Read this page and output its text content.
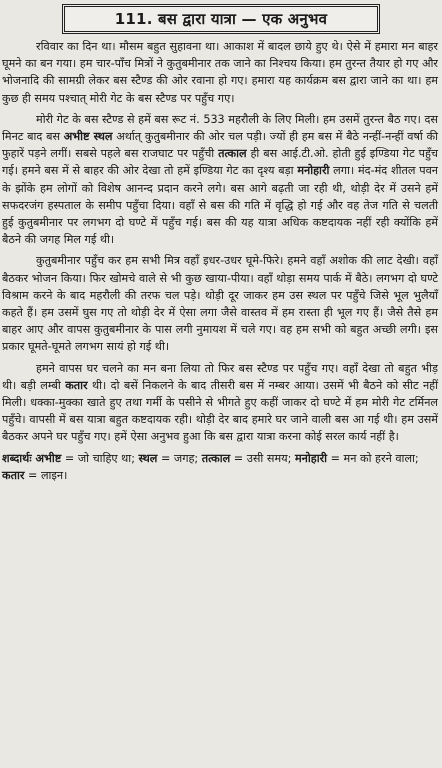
111. बस द्वारा यात्रा — एक अनुभव

रविवार का दिन था। मौसम बहुत सुहावना था। आकाश में बादल छाये हुए थे। ऐसे में हमारा मन बाहर घूमने का बन गया। हम चार-पाँच मित्रों ने कुतुबमीनार तक जाने का निश्चय किया। हम तुरन्त तैयार हो गए और भोजनादि की सामग्री लेकर बस स्टैण्ड की ओर रवाना हो गए। हमारा यह कार्यक्रम बस द्वारा जाने का था। हम कुछ ही समय पश्चात् मोरी गेट के बस स्टैण्ड पर पहुँच गए।

मोरी गेट के बस स्टैण्ड से हमें बस रूट नं. 533 महरौली के लिए मिली। हम उसमें तुरन्त बैठ गए। दस मिनट बाद बस अभीष्ट स्थल अर्थात् कुतुबमीनार की ओर चल पड़ी। ज्यों ही हम बस में बैठे नन्हीं-नन्हीं वर्षा की फुहारें पड़ने लगीं। सबसे पहले बस राजघाट पर पहुँची तत्काल ही बस आई.टी.ओ. होती हुई इण्डिया गेट पहुँच गई। हमने बस में से बाहर की ओर देखा तो हमें इण्डिया गेट का दृश्य बड़ा मनोहारी लगा। मंद-मंद शीतल पवन के झोंके हम लोगों को विशेष आनन्द प्रदान करने लगे। बस आगे बढ़ती जा रही थी, थोड़ी देर में उसने हमें सफदरजंग हस्पताल के समीप पहुँचा दिया। वहाँ से बस की गति में वृद्धि हो गई और वह तेज गति से चलती हुई कुतुबमीनार पर लगभग दो घण्टे में पहुँच गई। बस की यह यात्रा अधिक कष्टदायक नहीं रही क्योंकि हमें बैठने की जगह मिल गई थी।

कुतुबमीनार पहुँच कर हम सभी मित्र वहाँ इधर-उधर घूमे-फिरे। हमने वहाँ अशोक की लाट देखी। वहाँ बैठकर भोजन किया। फिर खोमचे वाले से भी कुछ खाया-पीया। वहाँ थोड़ा समय पार्क में बैठे। लगभग दो घण्टे विश्राम करने के बाद महरौली की तरफ चल पड़े। थोड़ी दूर जाकर हम उस स्थल पर पहुँचे जिसे भूल भुलैयाँ कहते हैं। हम उसमें घुस गए तो थोड़ी देर में ऐसा लगा जैसे वास्तव में हम रास्ता ही भूल गए हैं। जैसे तैसे हम बाहर आए और वापस कुतुबमीनार के पास लगी नुमायश में चले गए। वह हम सभी को बहुत अच्छी लगी। इस प्रकार घूमते-घूमते लगभग सायं हो गई थी।

हमने वापस घर चलने का मन बना लिया तो फिर बस स्टैण्ड पर पहुँच गए। वहाँ देखा तो बहुत भीड़ थी। बड़ी लम्बी कतार थी। दो बसें निकलने के बाद तीसरी बस में नम्बर आया। उसमें भी बैठने को सीट नहीं मिली। धक्का-मुक्का खाते हुए तथा गर्मी के पसीने से भीगते हुए कहीं जाकर दो घण्टे में हम मोरी गेट टर्मिनल पहुँचे। वापसी में बस यात्रा बहुत कष्टदायक रही। थोड़ी देर बाद हमारे घर जाने वाली बस आ गई थी। हम उसमें बैठकर अपने घर पहुँच गए। हमें ऐसा अनुभव हुआ कि बस द्वारा यात्रा करना कोई सरल कार्य नहीं है।

शब्दार्थः अभीष्ट = जो चाहिए था; स्थल = जगह; तत्काल = उसी समय; मनोहारी = मन को हरने वाला; कतार = लाइन।
